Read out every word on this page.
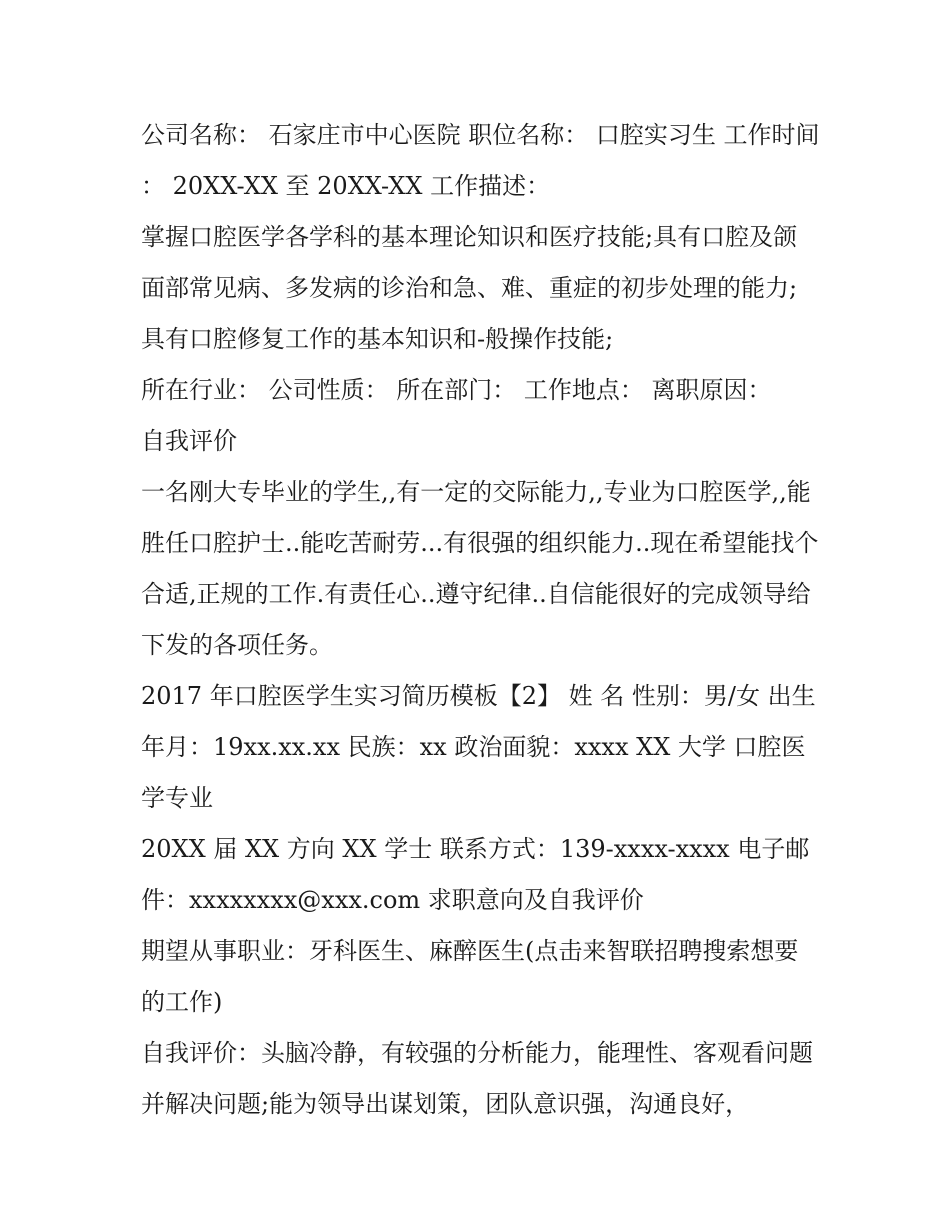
公司名称： 石家庄市中心医院 职位名称： 口腔实习生 工作时间 ： 20XX-XX 至 20XX-XX 工作描述：

掌握口腔医学各学科的基本理论知识和医疗技能;具有口腔及颌面部常见病、多发病的诊治和急、难、重症的初步处理的能力;具有口腔修复工作的基本知识和-般操作技能;

所在行业： 公司性质： 所在部门： 工作地点： 离职原因：

自我评价

一名刚大专毕业的学生,,有一定的交际能力,,专业为口腔医学,,能胜任口腔护士..能吃苦耐劳...有很强的组织能力..现在希望能找个合适,正规的工作.有责任心..遵守纪律..自信能很好的完成领导给下发的各项任务。

2017 年口腔医学生实习简历模板【2】 姓 名 性别：男/女 出生年月：19xx.xx.xx 民族：xx 政治面貌：xxxx XX 大学 口腔医学专业

20XX 届 XX 方向 XX 学士 联系方式：139-xxxx-xxxx 电子邮件：xxxxxxxx@xxx.com 求职意向及自我评价

期望从事职业：牙科医生、麻醉医生(点击来智联招聘搜索想要的工作)

自我评价：头脑冷静，有较强的分析能力，能理性、客观看问题并解决问题;能为领导出谋划策，团队意识强，沟通良好，
